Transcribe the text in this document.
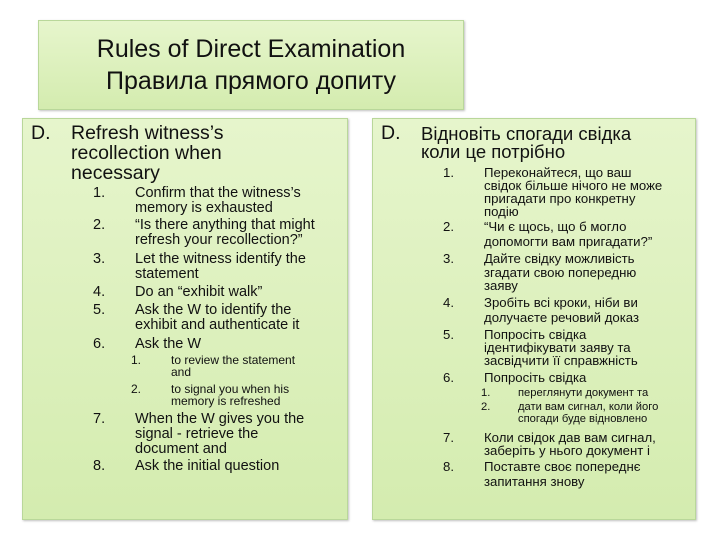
Rules of Direct Examination
Правила прямого допиту
D. Refresh witness’s
recollection when
necessary
1. Confirm that the witness’s
memory is exhausted
2. “Is there anything that might
refresh your recollection?”
3. Let the witness identify the
statement
4. Do an “exhibit walk”
5. Ask the W to identify the
exhibit and authenticate it
6. Ask the W
1. to review the statement
and
2. to signal you when his
memory is refreshed
7. When the W gives you the
signal - retrieve the
document and
8. Ask the initial question
D. Відновіть спогади свідка
коли це потрібно
1. Переконайтеся, що ваш
свідок більше нічого не може
пригадати про конкретну
подію
2. “Чи є щось, що б могло
допомогти вам пригадати?”
3. Дайте свідку можливість
згадати свою попередню
заяву
4. Зробіть всі кроки, ніби ви
долучаєте речовий доказ
5. Попросіть свідка
ідентифікувати заяву та
засвідчити її справжність
6. Попросіть свідка
1. переглянути документ та
2. дати вам сигнал, коли його
спогади буде відновлено
7. Коли свідок дав вам сигнал,
заберіть у нього документ і
8. Поставте своє попереднє
запитання знову
